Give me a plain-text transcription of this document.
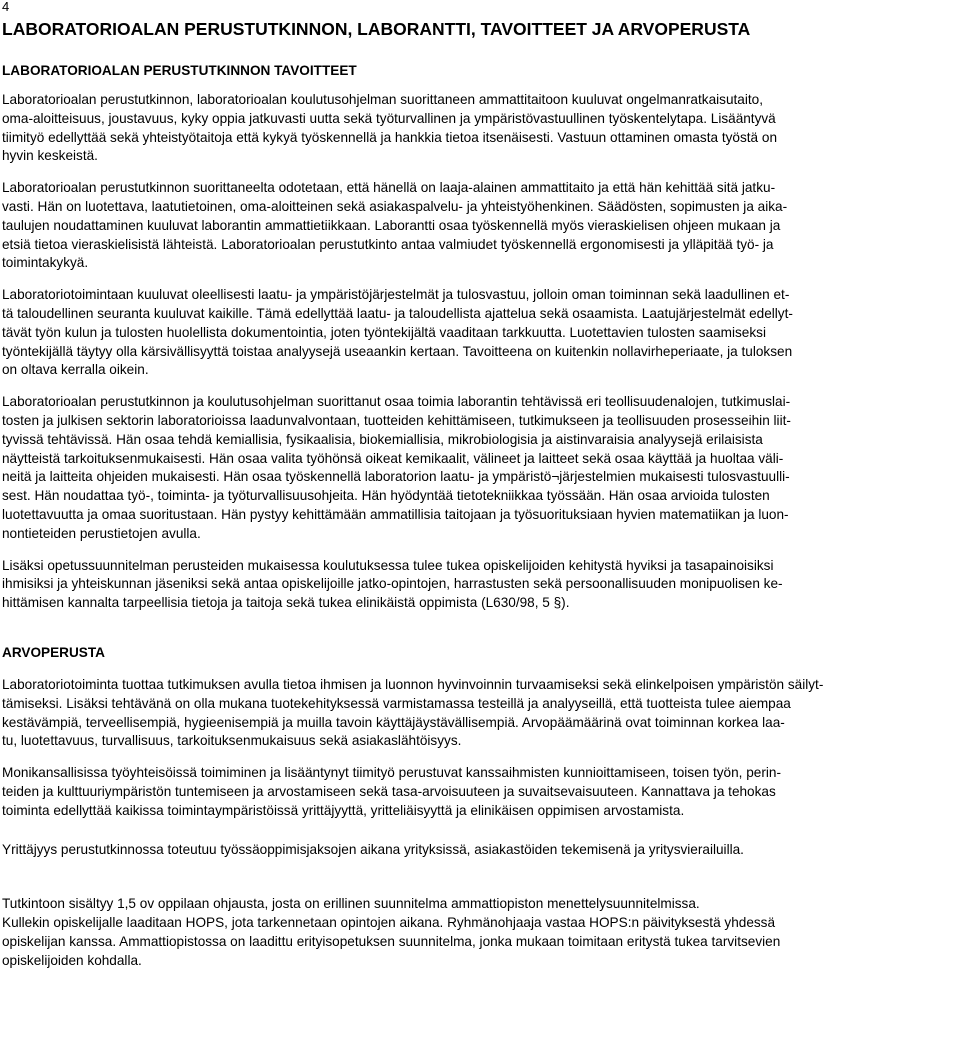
4
LABORATORIOALAN PERUSTUTKINNON, LABORANTTI, TAVOITTEET JA ARVOPERUSTA
LABORATORIOALAN PERUSTUTKINNON TAVOITTEET
Laboratorioalan perustutkinnon, laboratorioalan koulutusohjelman suorittaneen ammattitaitoon kuuluvat ongelmanratkaisutaito,
oma-aloitteisuus, joustavuus, kyky oppia jatkuvasti uutta sekä työturvallinen ja ympäristövastuullinen työskentelytapa. Lisääntyvä
tiimityö edellyttää sekä yhteistyötaitoja että kykyä työskennellä ja hankkia tietoa itsenäisesti. Vastuun ottaminen omasta työstä on
hyvin keskeistä.
Laboratorioalan perustutkinnon suorittaneelta odotetaan, että hänellä on laaja-alainen ammattitaito ja että hän kehittää sitä jatku-
vasti. Hän on luotettava, laatutietoinen, oma-aloitteinen sekä asiakaspalvelu- ja yhteistyöhenkinen. Säädösten, sopimusten ja aika-
taulujen noudattaminen kuuluvat laborantin ammattietiikkaan. Laborantti osaa työskennellä myös vieraskielisen ohjeen mukaan ja
etsiä tietoa vieraskielisistä lähteistä. Laboratorioalan perustutkinto antaa valmiudet työskennellä ergonomisesti ja ylläpitää työ- ja
toimintakykyä.
Laboratoriotoimintaan kuuluvat oleellisesti laatu- ja ympäristöjärjestelmät ja tulosvastuu, jolloin oman toiminnan sekä laadullinen et-
tä taloudellinen seuranta kuuluvat kaikille. Tämä edellyttää laatu- ja taloudellista ajattelua sekä osaamista. Laatujärjestelmät edellyt-
tävät työn kulun ja tulosten huolellista dokumentointia, joten työntekijältä vaaditaan tarkkuutta. Luotettavien tulosten saamiseksi
työntekijällä täytyy olla kärsivällisyyttä toistaa analyysejä useaankin kertaan. Tavoitteena on kuitenkin nollavirheperiaate, ja tuloksen
on oltava kerralla oikein.
Laboratorioalan perustutkinnon ja koulutusohjelman suorittanut osaa toimia laborantin tehtävissä eri teollisuudenalojen, tutkimuslai-
tosten ja julkisen sektorin laboratorioissa laadunvalvontaan, tuotteiden kehittämiseen, tutkimukseen ja teollisuuden prosesseihin liit-
tyvissä tehtävissä. Hän osaa tehdä kemiallisia, fysikaalisia, biokemiallisia, mikrobiologisia ja aistinvaraisia analyysejä erilaisista
näytteistä tarkoituksenmukaisesti. Hän osaa valita työhönsä oikeat kemikaalit, välineet ja laitteet sekä osaa käyttää ja huoltaa väli-
neitä ja laitteita ohjeiden mukaisesti. Hän osaa työskennellä laboratorion laatu- ja ympäristö¬järjestelmien mukaisesti tulosvastuulli-
sest. Hän noudattaa työ-, toiminta- ja työturvallisuusohjeita. Hän hyödyntää tietotekniikkaa työssään. Hän osaa arvioida tulosten
luotettavuutta ja omaa suoritustaan. Hän pystyy kehittämään ammatillisia taitojaan ja työsuorituksiaan hyvien matematiikan ja luon-
nontieteiden perustietojen avulla.
Lisäksi opetussuunnitelman perusteiden mukaisessa koulutuksessa tulee tukea opiskelijoiden kehitystä hyviksi ja tasapainoisiksi
ihmisiksi ja yhteiskunnan jäseniksi sekä antaa opiskelijoille jatko-opintojen, harrastusten sekä persoonallisuuden monipuolisen ke-
hittämisen kannalta tarpeellisia tietoja ja taitoja sekä tukea elinikäistä oppimista (L630/98, 5 §).
ARVOPERUSTA
Laboratoriotoiminta tuottaa tutkimuksen avulla tietoa ihmisen ja luonnon hyvinvoinnin turvaamiseksi sekä elinkelpoisen ympäristön säilyt-
tämiseksi. Lisäksi tehtävänä on olla mukana tuotekehityksessä varmistamassa testeillä ja analyyseillä, että tuotteista tulee aiempaa
kestävämpiä, terveellisempiä, hygieenisempiä ja muilla tavoin käyttäjäystävällisempiä. Arvopäämäärinä ovat toiminnan korkea laa-
tu, luotettavuus, turvallisuus, tarkoituksenmukaisuus sekä asiakaslähtöisyys.
Monikansallisissa työyhteisöissä toimiminen ja lisääntynyt tiimityö perustuvat kanssaihmisten kunnioittamiseen, toisen työn, perin-
teiden ja kulttuuriympäristön tuntemiseen ja arvostamiseen sekä tasa-arvoisuuteen ja suvaitsevaisuuteen. Kannattava ja tehokas
toiminta edellyttää kaikissa toimintaympäristöissä yrittäjyyttä, yritteliäisyyttä ja elinikäisen oppimisen arvostamista.
Yrittäjyys perustutkinnossa toteutuu työssäoppimisjaksojen aikana yrityksissä, asiakastöiden tekemisenä ja yritysvierailuilla.
Tutkintoon sisältyy 1,5 ov oppilaan ohjausta, josta on erillinen suunnitelma ammattiopiston menettelysuunnitelmissa.
Kullekin opiskelijalle laaditaan HOPS, jota tarkennetaan opintojen aikana. Ryhmänohjaaja vastaa HOPS:n päivityksestä yhdessä
opiskelijan kanssa. Ammattiopistossa on laadittu erityisopetuksen suunnitelma, jonka mukaan toimitaan eritystä tukea tarvitsevien
opiskelijoiden kohdalla.
